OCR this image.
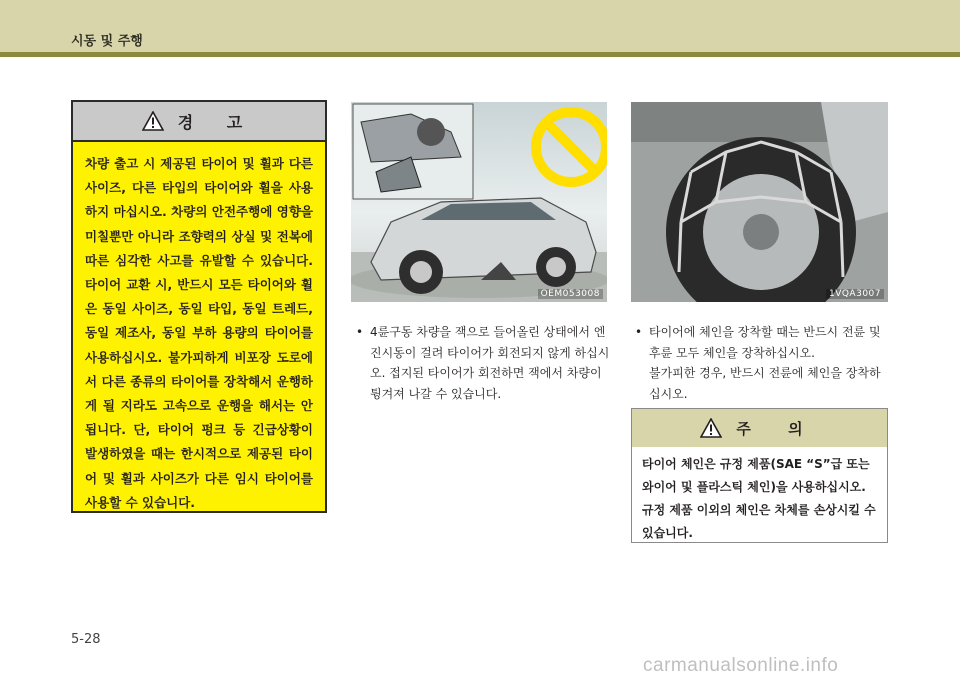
시동 및 주행
경 고
차량 출고 시 제공된 타이어 및 휠과 다른 사이즈, 다른 타입의 타이어와 휠을 사용하지 마십시오. 차량의 안전주행에 영향을 미칠뿐만 아니라 조향력의 상실 및 전복에 따른 심각한 사고를 유발할 수 있습니다. 타이어 교환 시, 반드시 모든 타이어와 휠은 동일 사이즈, 동일 타입, 동일 트레드, 동일 제조사, 동일 부하 용량의 타이어를 사용하십시오. 불가피하게 비포장 도로에서 다른 종류의 타이어를 장착해서 운행하게 될 지라도 고속으로 운행을 해서는 안됩니다. 단, 타이어 펑크 등 긴급상황이 발생하였을 때는 한시적으로 제공된 타이어 및 휠과 사이즈가 다른 임시 타이어를 사용할 수 있습니다.
OEM053008	1VQA3007
• 4륜구동 차량을 잭으로 들어올린 상태에서 엔진시동이 걸려 타이어가 회전되지 않게 하십시오. 접지된 타이어가 회전하면 잭에서 차량이 튕겨져 나갈 수 있습니다.
• 타이어에 체인을 장착할 때는 반드시 전륜 및 후륜 모두 체인을 장착하십시오.
불가피한 경우, 반드시 전륜에 체인을 장착하십시오.
주 의
타이어 체인은 규정 제품(SAE “S”급 또는 와이어 및 플라스틱 체인)을 사용하십시오. 규정 제품 이외의 체인은 차체를 손상시킬 수 있습니다.
5-28
carmanualsonline.info
